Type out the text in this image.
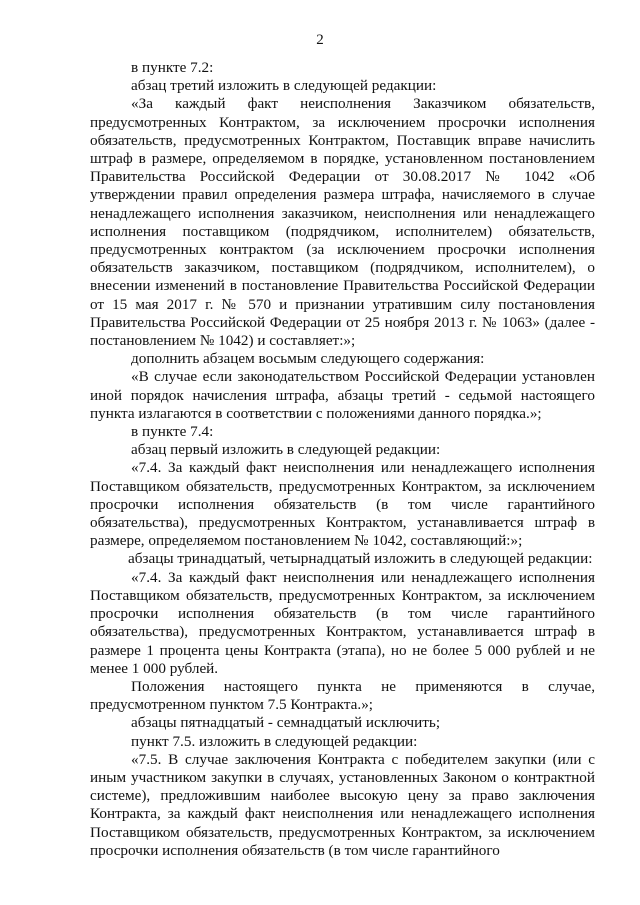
2

в пункте 7.2:

абзац третий изложить в следующей редакции:

«За каждый факт неисполнения Заказчиком обязательств, предусмотренных Контрактом, за исключением просрочки исполнения обязательств, предусмотренных Контрактом, Поставщик вправе начислить штраф в размере, определяемом в порядке, установленном постановлением Правительства Российской Федерации от 30.08.2017 № 1042 «Об утверждении правил определения размера штрафа, начисляемого в случае ненадлежащего исполнения заказчиком, неисполнения или ненадлежащего исполнения поставщиком (подрядчиком, исполнителем) обязательств, предусмотренных контрактом (за исключением просрочки исполнения обязательств заказчиком, поставщиком (подрядчиком, исполнителем), о внесении изменений в постановление Правительства Российской Федерации от 15 мая 2017 г. № 570 и признании утратившим силу постановления Правительства Российской Федерации от 25 ноября 2013 г. № 1063» (далее - постановлением № 1042) и составляет:»;

дополнить абзацем восьмым следующего содержания:

«В случае если законодательством Российской Федерации установлен иной порядок начисления штрафа, абзацы третий - седьмой настоящего пункта излагаются в соответствии с положениями данного порядка.»;

в пункте 7.4:

абзац первый изложить в следующей редакции:

«7.4. За каждый факт неисполнения или ненадлежащего исполнения Поставщиком обязательств, предусмотренных Контрактом, за исключением просрочки исполнения обязательств (в том числе гарантийного обязательства), предусмотренных Контрактом, устанавливается штраф в размере, определяемом постановлением № 1042, составляющий:»;

абзацы тринадцатый, четырнадцатый изложить в следующей редакции:

«7.4. За каждый факт неисполнения или ненадлежащего исполнения Поставщиком обязательств, предусмотренных Контрактом, за исключением просрочки исполнения обязательств (в том числе гарантийного обязательства), предусмотренных Контрактом, устанавливается штраф в размере 1 процента цены Контракта (этапа), но не более 5 000 рублей и не менее 1 000 рублей.

Положения настоящего пункта не применяются в случае, предусмотренном пунктом 7.5 Контракта.»;

абзацы пятнадцатый - семнадцатый исключить;

пункт 7.5. изложить в следующей редакции:

«7.5. В случае заключения Контракта с победителем закупки (или с иным участником закупки в случаях, установленных Законом о контрактной системе), предложившим наиболее высокую цену за право заключения Контракта, за каждый факт неисполнения или ненадлежащего исполнения Поставщиком обязательств, предусмотренных Контрактом, за исключением просрочки исполнения обязательств (в том числе гарантийного
